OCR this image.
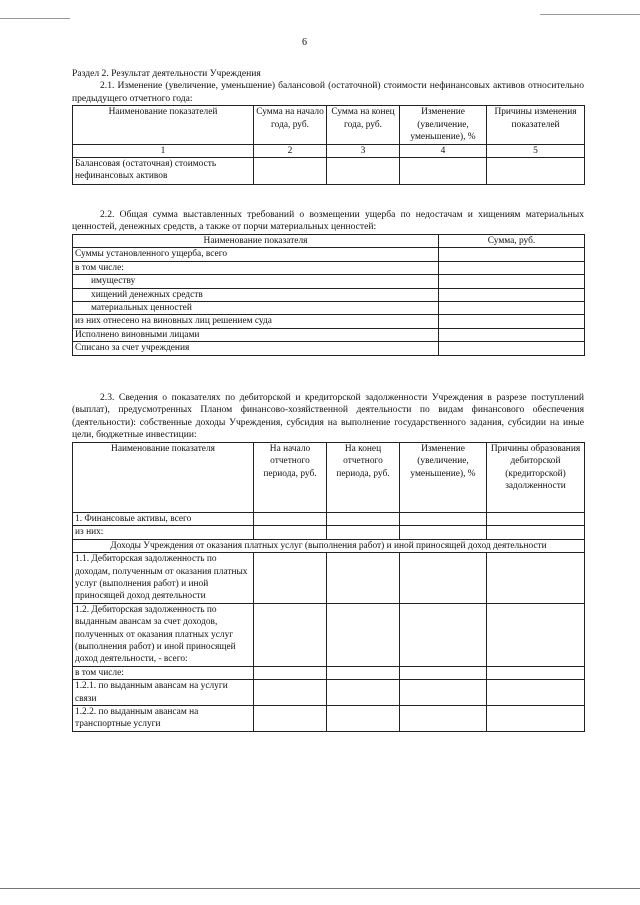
6

Раздел 2. Результат деятельности Учреждения

2.1. Изменение (увеличение, уменьшение) балансовой (остаточной) стоимости нефинансовых активов относительно предыдущего отчетного года:

Наименование показателей	Сумма на начало года, руб.	Сумма на конец года, руб.	Изменение (увеличение, уменьшение), %	Причины изменения показателей
1	2	3	4	5
Балансовая (остаточная) стоимость нефинансовых активов				

2.2. Общая сумма выставленных требований о возмещении ущерба по недостачам и хищениям материальных ценностей, денежных средств, а также от порчи материальных ценностей:

Наименование показателя	Сумма, руб.
Суммы установленного ущерба, всего	
в том числе:	
имуществу	
хищений денежных средств	
материальных ценностей	
из них отнесено на виновных лиц решением суда	
Исполнено виновными лицами	
Списано за счет учреждения	

2.3. Сведения о показателях по дебиторской и кредиторской задолженности Учреждения в разрезе поступлений (выплат), предусмотренных Планом финансово-хозяйственной деятельности по видам финансового обеспечения (деятельности): собственные доходы Учреждения, субсидия на выполнение государственного задания, субсидии на иные цели, бюджетные инвестиции:

Наименование показателя	На начало отчетного периода, руб.	На конец отчетного периода, руб.	Изменение (увеличение, уменьшение), %	Причины образования дебиторской (кредиторской) задолженности
1. Финансовые активы, всего				
из них:				
Доходы Учреждения от оказания платных услуг (выполнения работ) и иной приносящей доход деятельности				
1.1. Дебиторская задолженность по доходам, полученным от оказания платных услуг (выполнения работ) и иной приносящей доход деятельности				
1.2. Дебиторская задолженность по выданным авансам за счет доходов, полученных от оказания платных услуг (выполнения работ) и иной приносящей доход деятельности, - всего:				
в том числе:				
1.2.1. по выданным авансам на услуги связи				
1.2.2. по выданным авансам на транспортные услуги				
